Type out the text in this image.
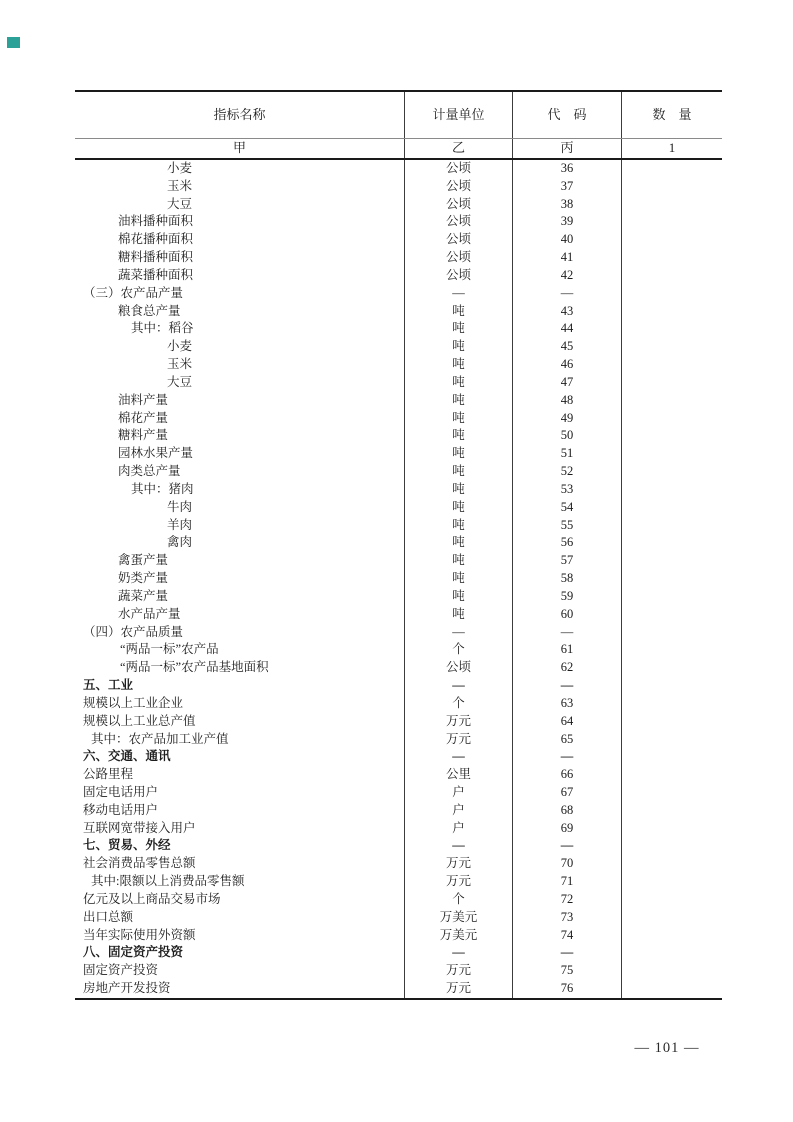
指标名称	计量单位	代　码	数　量
甲	乙	丙	1
小麦	公顷	36
玉米	公顷	37
大豆	公顷	38
油料播种面积	公顷	39
棉花播种面积	公顷	40
糖料播种面积	公顷	41
蔬菜播种面积	公顷	42
（三）农产品产量	—	—
粮食总产量	吨	43
其中：稻谷	吨	44
小麦	吨	45
玉米	吨	46
大豆	吨	47
油料产量	吨	48
棉花产量	吨	49
糖料产量	吨	50
园林水果产量	吨	51
肉类总产量	吨	52
其中：猪肉	吨	53
牛肉	吨	54
羊肉	吨	55
禽肉	吨	56
禽蛋产量	吨	57
奶类产量	吨	58
蔬菜产量	吨	59
水产品产量	吨	60
（四）农产品质量	—	—
“两品一标”农产品	个	61
“两品一标”农产品基地面积	公顷	62
五、工业	—	—
规模以上工业企业	个	63
规模以上工业总产值	万元	64
其中：农产品加工业产值	万元	65
六、交通、通讯	—	—
公路里程	公里	66
固定电话用户	户	67
移动电话用户	户	68
互联网宽带接入用户	户	69
七、贸易、外经	—	—
社会消费品零售总额	万元	70
其中:限额以上消费品零售额	万元	71
亿元及以上商品交易市场	个	72
出口总额	万美元	73
当年实际使用外资额	万美元	74
八、固定资产投资	—	—
固定资产投资	万元	75
房地产开发投资	万元	76
— 101 —
